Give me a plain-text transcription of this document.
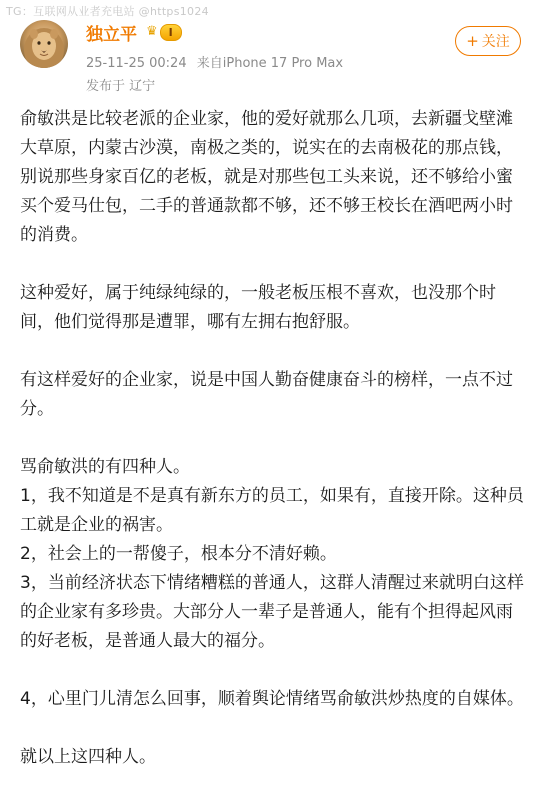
TG：互联网从业者充电站 @https1024
独立平 ♛	I
25-11-25 00:24 来自iPhone 17 Pro Max
发布于 辽宁
+ 关注

俞敏洪是比较老派的企业家，他的爱好就那么几项，去新疆戈壁滩大草原，内蒙古沙漠，南极之类的，说实在的去南极花的那点钱，别说那些身家百亿的老板，就是对那些包工头来说，还不够给小蜜买个爱马仕包，二手的普通款都不够，还不够王校长在酒吧两小时的消费。

这种爱好，属于纯绿纯绿的，一般老板压根不喜欢，也没那个时间，他们觉得那是遭罪，哪有左拥右抱舒服。

有这样爱好的企业家，说是中国人勤奋健康奋斗的榜样，一点不过分。

骂俞敏洪的有四种人。

1，我不知道是不是真有新东方的员工，如果有，直接开除。这种员工就是企业的祸害。

2，社会上的一帮傻子，根本分不清好赖。

3，当前经济状态下情绪糟糕的普通人，这群人清醒过来就明白这样的企业家有多珍贵。大部分人一辈子是普通人，能有个担得起风雨的好老板，是普通人最大的福分。

4，心里门儿清怎么回事，顺着舆论情绪骂俞敏洪炒热度的自媒体。

就以上这四种人。
